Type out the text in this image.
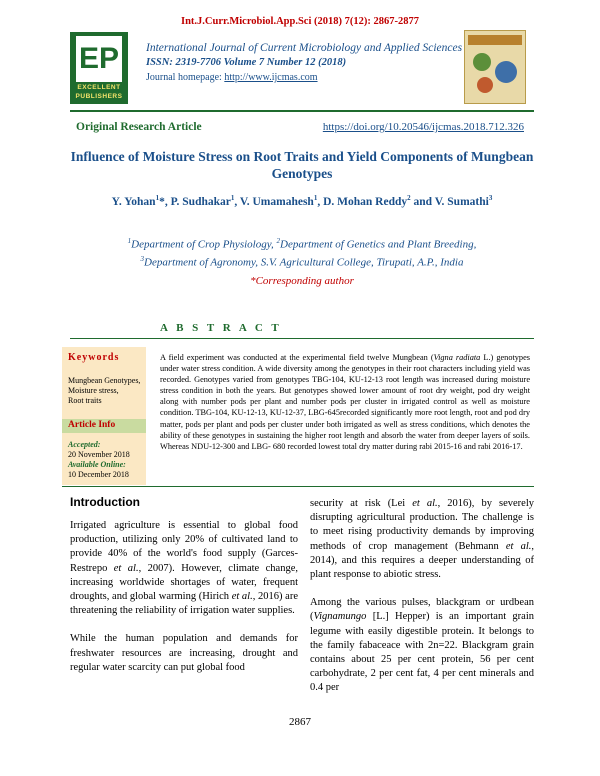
Int.J.Curr.Microbiol.App.Sci (2018) 7(12): 2867-2877
EP
EXCELLENT
PUBLISHERS
International Journal of Current Microbiology and Applied Sciences
ISSN: 2319-7706 Volume 7 Number 12 (2018)
Journal homepage: http://www.ijcmas.com
Original Research Article	https://doi.org/10.20546/ijcmas.2018.712.326
Influence of Moisture Stress on Root Traits and Yield Components of Mungbean Genotypes
Y. Yohan$^1$*, P. Sudhakar$^1$, V. Umamahesh$^1$, D. Mohan Reddy$^2$ and V. Sumathi$^3$
$^1$Department of Crop Physiology, $^2$Department of Genetics and Plant Breeding,
$^3$Department of Agronomy, S.V. Agricultural College, Tirupati, A.P., India
*Corresponding author
A B S T R A C T
Keywords
Mungbean Genotypes,
Moisture stress,
Root traits
Article Info
Accepted:
20 November 2018
Available Online:
10 December 2018
A field experiment was conducted at the experimental field twelve Mungbean (Vigna radiata L.) genotypes under water stress condition. A wide diversity among the genotypes in their root characters including yield was recorded. Genotypes varied from genotypes TBG-104, KU-12-13 root length was increased during moisture stress condition in both the years. But genotypes showed lower amount of root dry weight, pod dry weight along with number pods per plant and number pods per cluster in irrigated control as well as moisture condition. TBG-104, KU-12-13, KU-12-37, LBG-645recorded significantly more root length, root and pod dry matter, pods per plant and pods per cluster under both irrigated as well as stress conditions, which denotes the ability of these genotypes in sustaining the higher root length and absorb the water from deeper layers of soils. Whereas NDU-12-300 and LBG- 680 recorded lowest total dry matter during rabi 2015-16 and rabi 2016-17.
Introduction

Irrigated agriculture is essential to global food production, utilizing only 20% of cultivated land to provide 40% of the world's food supply (Garces-Restrepo et al., 2007). However, climate change, increasing worldwide shortages of water, frequent droughts, and global warming (Hirich et al., 2016) are threatening the reliability of irrigation water supplies.

While the human population and demands for freshwater resources are increasing, drought and regular water scarcity can put global food

security at risk (Lei et al., 2016), by severely disrupting agricultural production. The challenge is to meet rising productivity demands by improving methods of crop management (Behmann et al., 2014), and this requires a deeper understanding of plant response to abiotic stress.

Among the various pulses, blackgram or urdbean (Vignamungo [L.] Hepper) is an important grain legume with easily digestible protein. It belongs to the family fabaceace with 2n=22. Blackgram grain contains about 25 per cent protein, 56 per cent carbohydrate, 2 per cent fat, 4 per cent minerals and 0.4 per

2867
